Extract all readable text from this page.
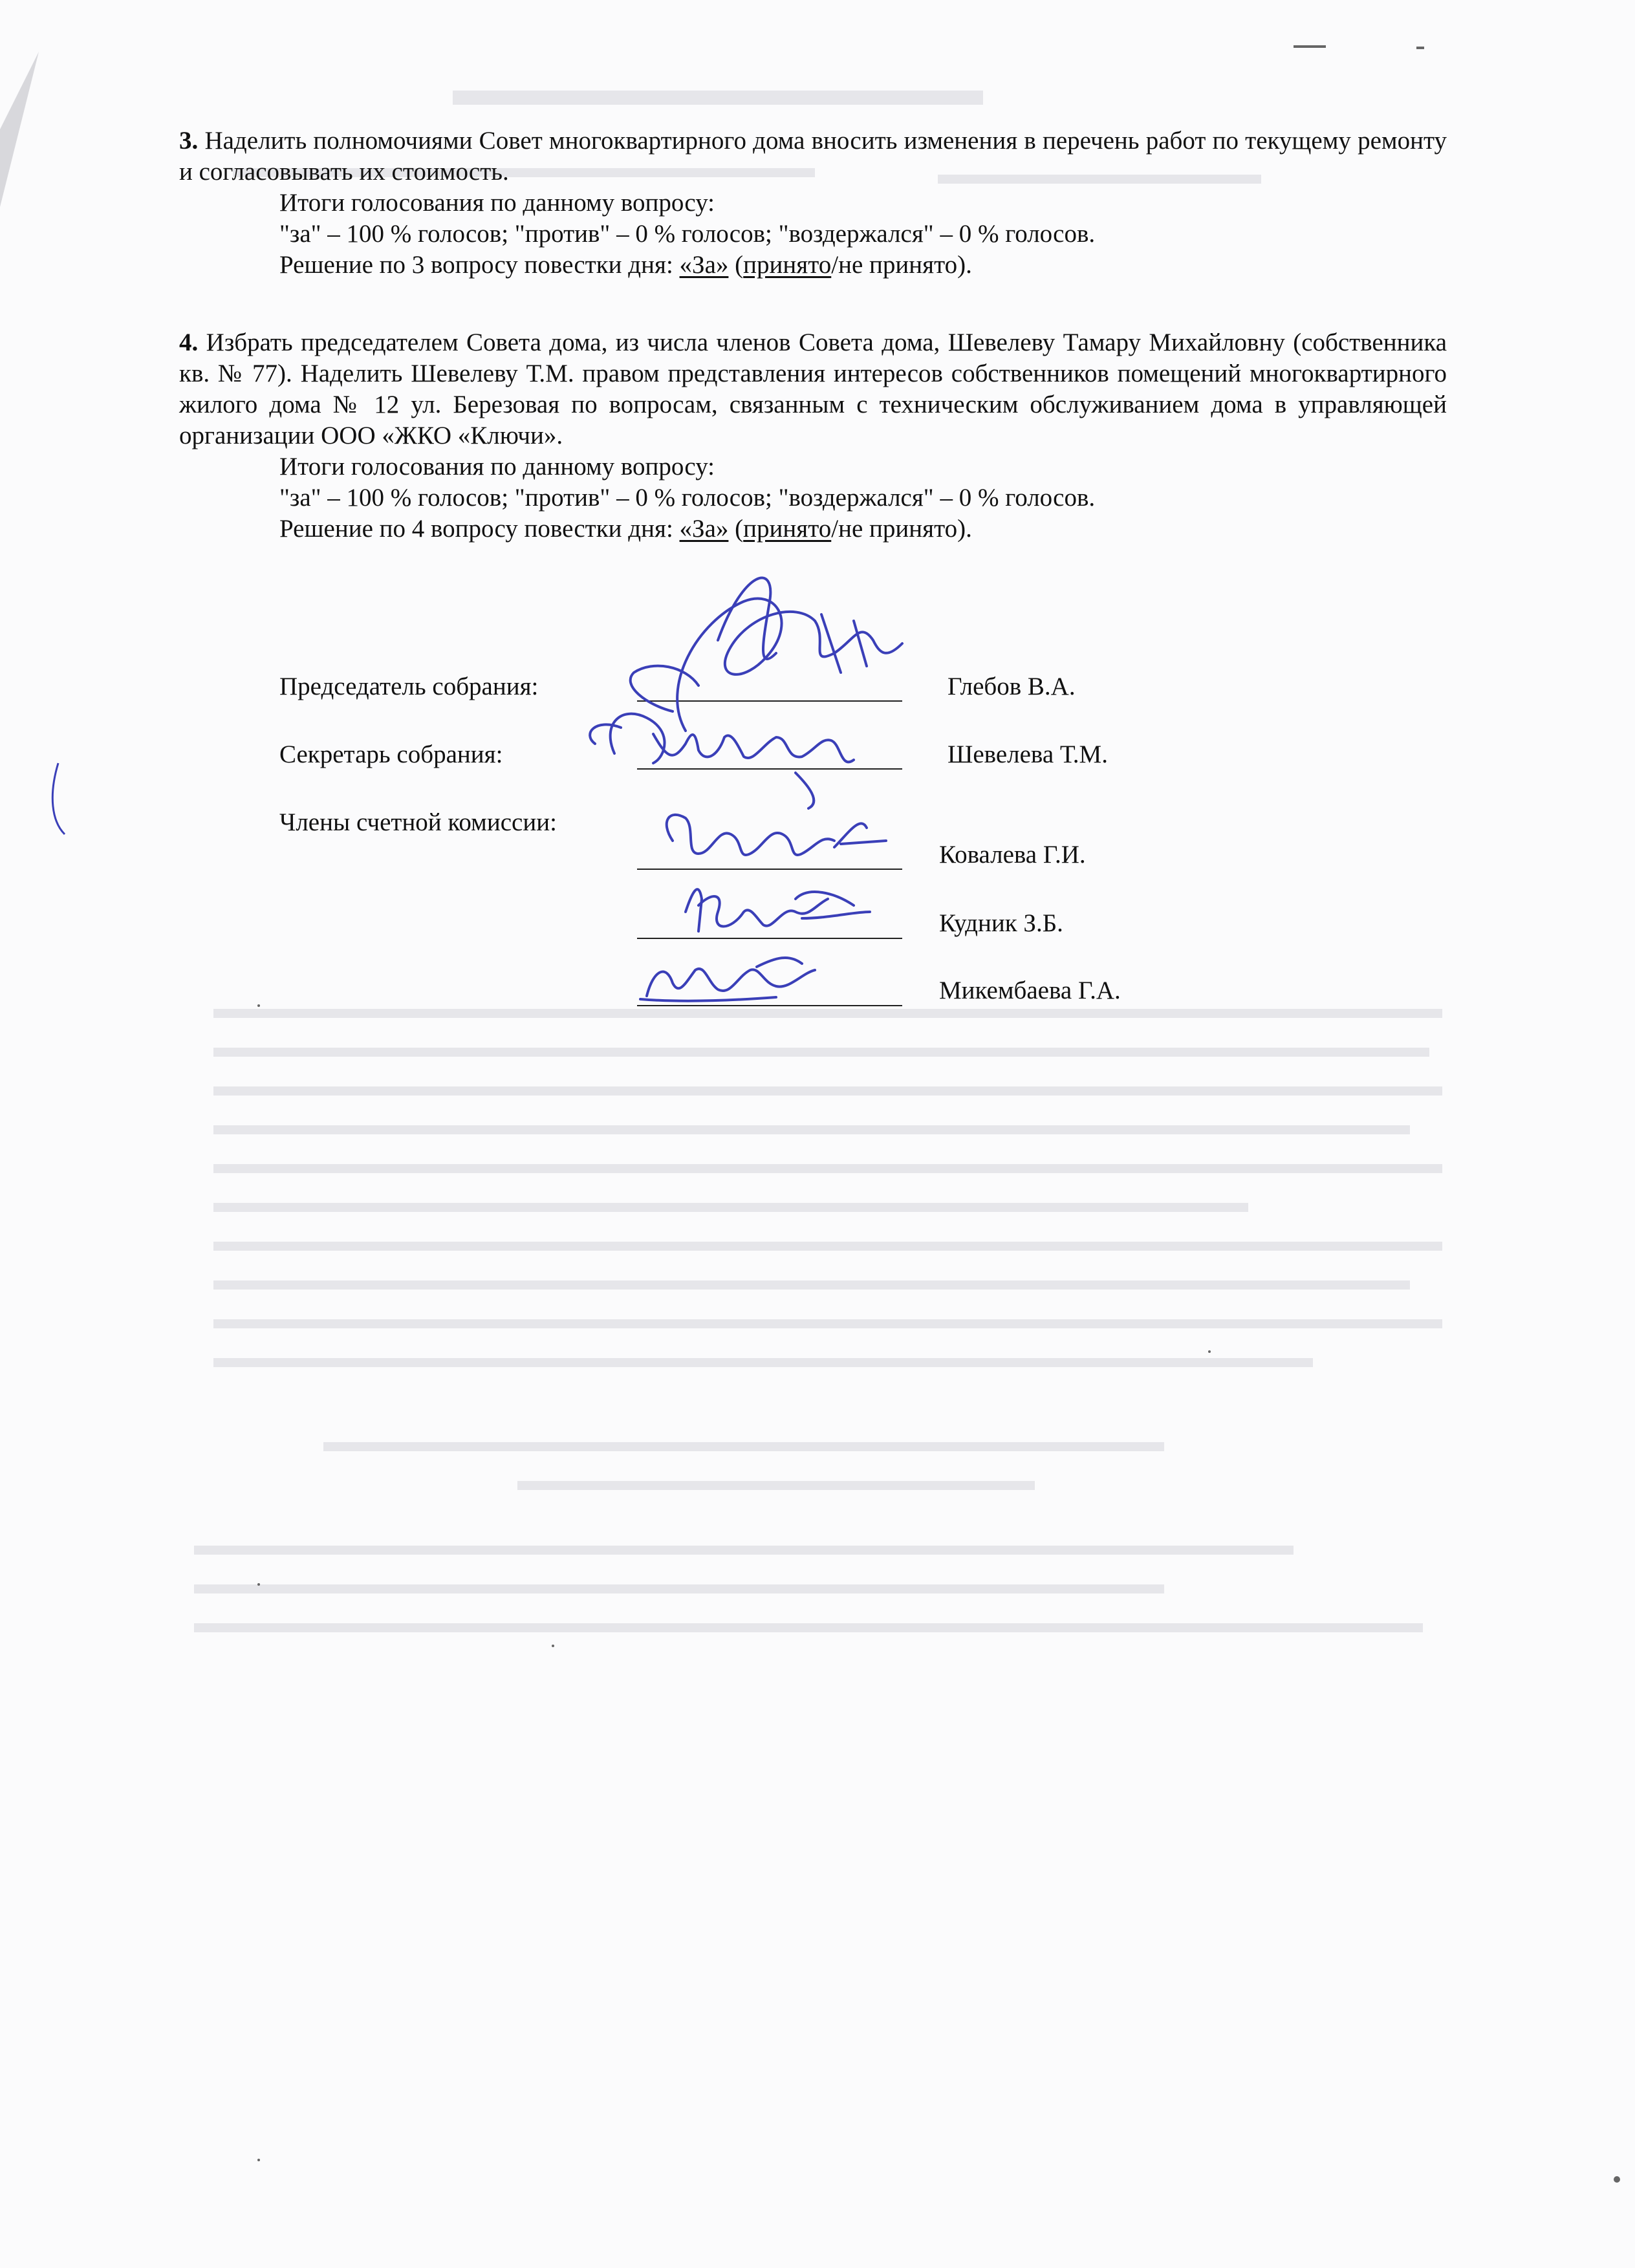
3. Наделить полномочиями Совет многоквартирного дома вносить изменения в перечень работ по текущему ремонту и согласовывать их стоимость.

Итоги голосования по данному вопросу:

"за" – 100 % голосов; "против" – 0 % голосов; "воздержался" – 0 % голосов.

Решение по 3 вопросу повестки дня: «За» (принято/не принято).

4. Избрать председателем Совета дома, из числа членов Совета дома, Шевелеву Тамару Михайловну (собственника кв. № 77). Наделить Шевелеву Т.М. правом представления интересов собственников помещений многоквартирного жилого дома № 12 ул. Березовая по вопросам, связанным с техническим обслуживанием дома в управляющей организации ООО «ЖКО «Ключи».

Итоги голосования по данному вопросу:

"за" – 100 % голосов; "против" – 0 % голосов; "воздержался" – 0 % голосов.

Решение по 4 вопросу повестки дня: «За» (принято/не принято).

Председатель собрания:	Глебов В.А.
Секретарь собрания:	Шевелева Т.М.
Члены счетной комиссии:
Ковалева Г.И.
Кудник З.Б.
Микембаева Г.А.
